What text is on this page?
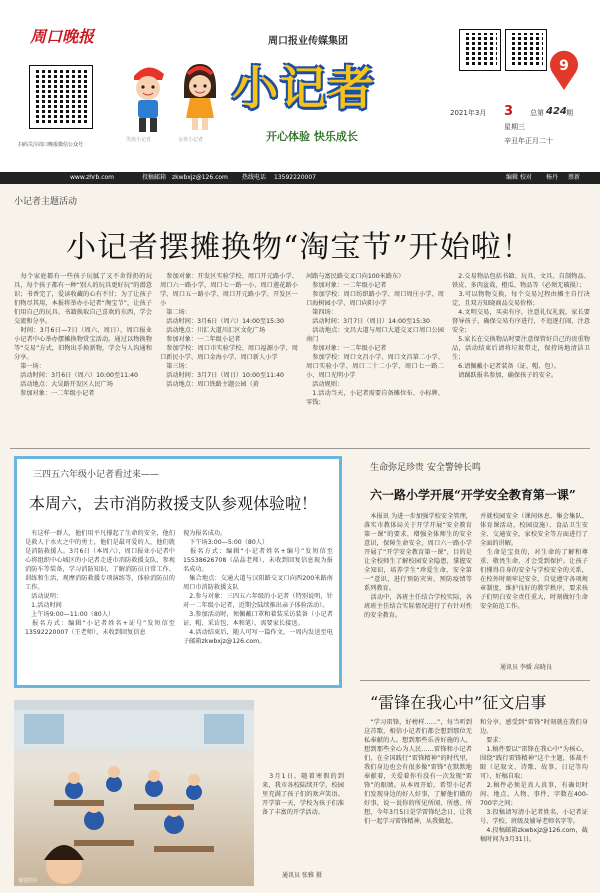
周口晚报
扫码关注周口晚报微信公众号
周口报业传媒集团
男孩小记者	女孩小记者
小记者
开心体验 快乐成长
9
2021年3月 3 总第 424 期
星期三
辛丑年正月二十
www.zhrb.com	投稿邮箱 zkwbxjz@126.com 热线电话 13592220007	编辑 校对 杨丹 蔡新
小记者主题活动
小记者摆摊换物“淘宝节”开始啦！
　每个家庭都有一些孩子玩腻了又不舍得扔的玩具，每个孩子都有一种“别人的玩具更好玩”的潜意识；书香完了，爱读收藏的心有不甘；为了让孩子们物尽其用，本报将举办小记者“淘宝节”，让孩子们用自己的玩具、书籍换取自己喜欢的东西，学会交流和分享。
　时间：3月6日—7日（周六、周日），周口报业小记者中心举办摆摊换物赏宝活动。通过以物换物等“交易”方式，旧物出手换新物，学会与人沟通和分享。
　第一场：
　活动时间：3月6日（周六）10:00至11:40
　活动地点：大吴路开发区人民广场
　参加对象：一二年级小记者
　参加对象：开发区实验学校、周口开元路小学、周口六一路小学、周口七一路一小、周口莲花路小学、周口五一路小学、周口开元路小学、开发区一小
　第二场：
　活动时间：3月6日（周六）14:00至15:30
　活动地点：川汇大道川汇区文化广场
　参加对象：一二年级小记者
　参加学校：周口市实验学校、周口福源小学、周口新民小学、周口金海小学、周口新人小学
　第三场：
　活动时间：3月7日（周日）10:00至11:40
　活动地点：周口铁路主题公园（黄
河路与富民路交叉口向100米路东）
　参加对象：一二年级小记者
　参加学校：周口纺织路小学、周口周庄小学、周口海树园小学、周口向阳小学
　第四场：
　活动时间：3月7日（周日）14:00至15:30
　活动地点：文昌大道与周口大道交叉口周口公园南门
　参加对象：一二年级小记者
　参加学校：周口文昌小学、周口文昌第二小学、周口实验小学、周口二十二小学、周口七一路二小、周口光明小学
　活动规则：
　1.活动当天，小记者需要自备摊位布、小标牌、零钱；
　2.交易物品包括书籍、玩具、文具、自制物品、铁皮、多肉盆栽、橙瓜、物品等（必须无破损）；
　3.可以物物交换，每个交易过程由摊主自行决定，且双方知晓商品交易价格；
　4.文明交易，买卖有序，注意礼仪礼貌，家长要督导孩子，确保交易有序进行，不追逐打闹、注意安全；
　5.家长在交换物品时要注意保管好自己的贵重物品，活动结束后请将垃圾带走，保持场地清洁卫生；
　6.请佩戴小记者装备（证、帽、包）。
　请踊跃报名参加，确保孩子的安全。
三四五六年级小记者看过来——
本周六，去市消防救援支队参观体验啦！
　有这样一群人，他们用平凡撑起了生命的安全，他们是救人于水火之中的勇士，他们是最可爱的人，他们就是消防救援人。3月6日（本周六），周口报业小记者中心将组织中心城区的小记者走进市消防救援支队，参观消防车等装备，学习消防知识，了解消防员日常工作、训练和生活，观摩消防救援专项演练等，体验消防员的工作。
　活动说明：
　1.活动时间
　上午场9:00—11:00（80人）
　报名方式：编辑“小记者姓名+证号”发短信至13592220007（王老师），未收到回复信息
视为报名成功。
　下午场3:00—5:00（80人）
　报名方式：编辑“小记者姓名+编号”发短信至15538626708（晶晶老师），未收到回复信息视为报名成功。
　集合地点：交通大道与汉阳路交叉口向西200米路南周口市消防救援支队
　2.参与对象：三四五六年级的小记者（特别说明，针对一二年级小记者，近期会陆续推出亲子体验活动）。
　3.参加活动时，须佩戴口罩和着装采访装备（小记者证、帽、采访包、本和笔），需要家长接送。
　4.活动结束后，随人可写一篇作文，一周内发送至电子邮箱zkwbxjz@126.com。
课堂照片
　3月1日，随着寒假的到来，我市各校陆续开学，校园里充满了孩子们的欢声笑语。开学第一天，学校为孩子们准备了丰富的开学活动。
通讯员 张雅 摄
生命弥足珍贵 安全警钟长鸣
六一路小学开展“开学安全教育第一课”
　本报讯 为进一步加强学校安全管理，落实市教体局关于开学开展“安全教育第一课”的要求，增强全体师生的安全意识，保障生命安全，周口六一路小学开展了“开学安全教育第一课”，目的是让全校师生了解校园安全隐患，掌握安全知识，培养学生“珍爱生命，安全第一”意识，进行预防灾害、预防疫情等系列教育。
　活动中，各班主任结合学校实际，各班班主任结合实际情况进行了有针对性的安全教育。
并就校园安全（课间休息、集会集队、体育课活动、校园设施）、食品卫生安全、交通安全、家校安全等方面进行了全面的讲解。
　生命是宝贵的，对生命的了解和尊重、敬畏生命，才会受到保护。让孩子们懂得自身的安全与学校安全的关系，在校外时刻牢记安全，自觉遵守各项规章制度，维护良好的教学秩序，要求孩子们明白安全责任重大，时刻做好生命安全防范工作。
通讯员 李媛 高晓良
“雷锋在我心中”征文启事
　“学习雷锋，好榜样……”，每当听到这首歌，相信小记者们都会想到那位无私奉献的人。想到那些乐善好施的人，想到那些全心为人民……雷锋和小记者们，在全国践行“雷锋精神”的时代里，我们身边也会有很多像“雷锋”在默默地奉献着，关爱着你有没有一次发现“雷锋”的眼睛。从本周开始，希望小记者们发现身边的好人好事，了解他们做的好事，说一说你的所见所闻、所感、所想，今年3月5日是学雷锋纪念日，让我们一起学习雷锋精神，从我做起。
和分享，感受到“雷锋”时刻就在我们身边。
　要求：
　1.稿件要以“雷锋在我心中”为核心，围绕“践行雷锋精神”这个主题，体裁不限（记叙文、诗歌、故事、日记等均可），好稿自取；
　2.稿件必须是真人真事，有确切时间、地点、人物、事件，字数在400-700字之间；
　3.投稿请写清小记者姓名、小记者证号、学校、班级及辅导老师名字等。
　4.投稿邮箱zkwbxjz@126.com，截稿时间为3月31日。
